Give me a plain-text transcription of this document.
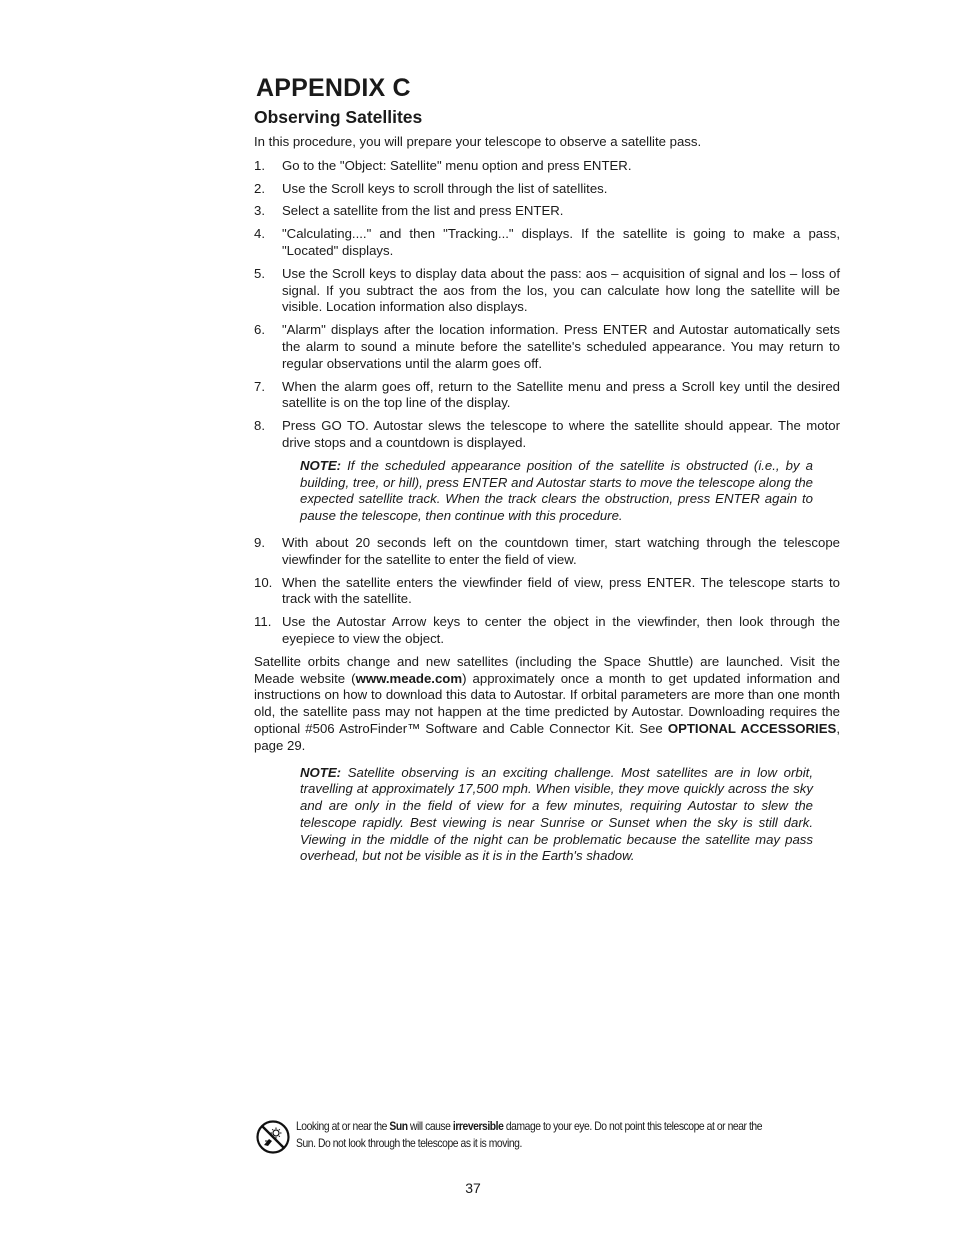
APPENDIX C
Observing Satellites

In this procedure, you will prepare your telescope to observe a satellite pass.

1.	Go to the "Object: Satellite" menu option and press ENTER.
2.	Use the Scroll keys to scroll through the list of satellites.
3.	Select a satellite from the list and press ENTER.
4.	"Calculating...." and then "Tracking..." displays. If the satellite is going to make a pass, "Located" displays.
5.	Use the Scroll keys to display data about the pass: aos – acquisition of signal and los – loss of signal. If you subtract the aos from the los, you can calculate how long the satellite will be visible. Location information also displays.
6.	"Alarm" displays after the location information. Press ENTER and Autostar automatically sets the alarm to sound a minute before the satellite's scheduled appearance. You may return to regular observations until the alarm goes off.
7.	When the alarm goes off, return to the Satellite menu and press a Scroll key until the desired satellite is on the top line of the display.
8.	Press GO TO. Autostar slews the telescope to where the satellite should appear. The motor drive stops and a countdown is displayed.
NOTE: If the scheduled appearance position of the satellite is obstructed (i.e., by a building, tree, or hill), press ENTER and Autostar starts to move the telescope along the expected satellite track. When the track clears the obstruction, press ENTER again to pause the telescope, then continue with this procedure.
9.	With about 20 seconds left on the countdown timer, start watching through the telescope viewfinder for the satellite to enter the field of view.
10. When the satellite enters the viewfinder field of view, press ENTER. The telescope starts to track with the satellite.
11. Use the Autostar Arrow keys to center the object in the viewfinder, then look through the eyepiece to view the object.

Satellite orbits change and new satellites (including the Space Shuttle) are launched. Visit the Meade website (www.meade.com) approximately once a month to get updated information and instructions on how to download this data to Autostar. If orbital parameters are more than one month old, the satellite pass may not happen at the time predicted by Autostar. Downloading requires the optional #506 AstroFinder™ Software and Cable Connector Kit. See OPTIONAL ACCESSORIES, page 29.

NOTE: Satellite observing is an exciting challenge. Most satellites are in low orbit, travelling at approximately 17,500 mph. When visible, they move quickly across the sky and are only in the field of view for a few minutes, requiring Autostar to slew the telescope rapidly. Best viewing is near Sunrise or Sunset when the sky is still dark. Viewing in the middle of the night can be problematic because the satellite may pass overhead, but not be visible as it is in the Earth's shadow.
Looking at or near the Sun will cause irreversible damage to your eye. Do not point this telescope at or near the Sun. Do not look through the telescope as it is moving.
37
